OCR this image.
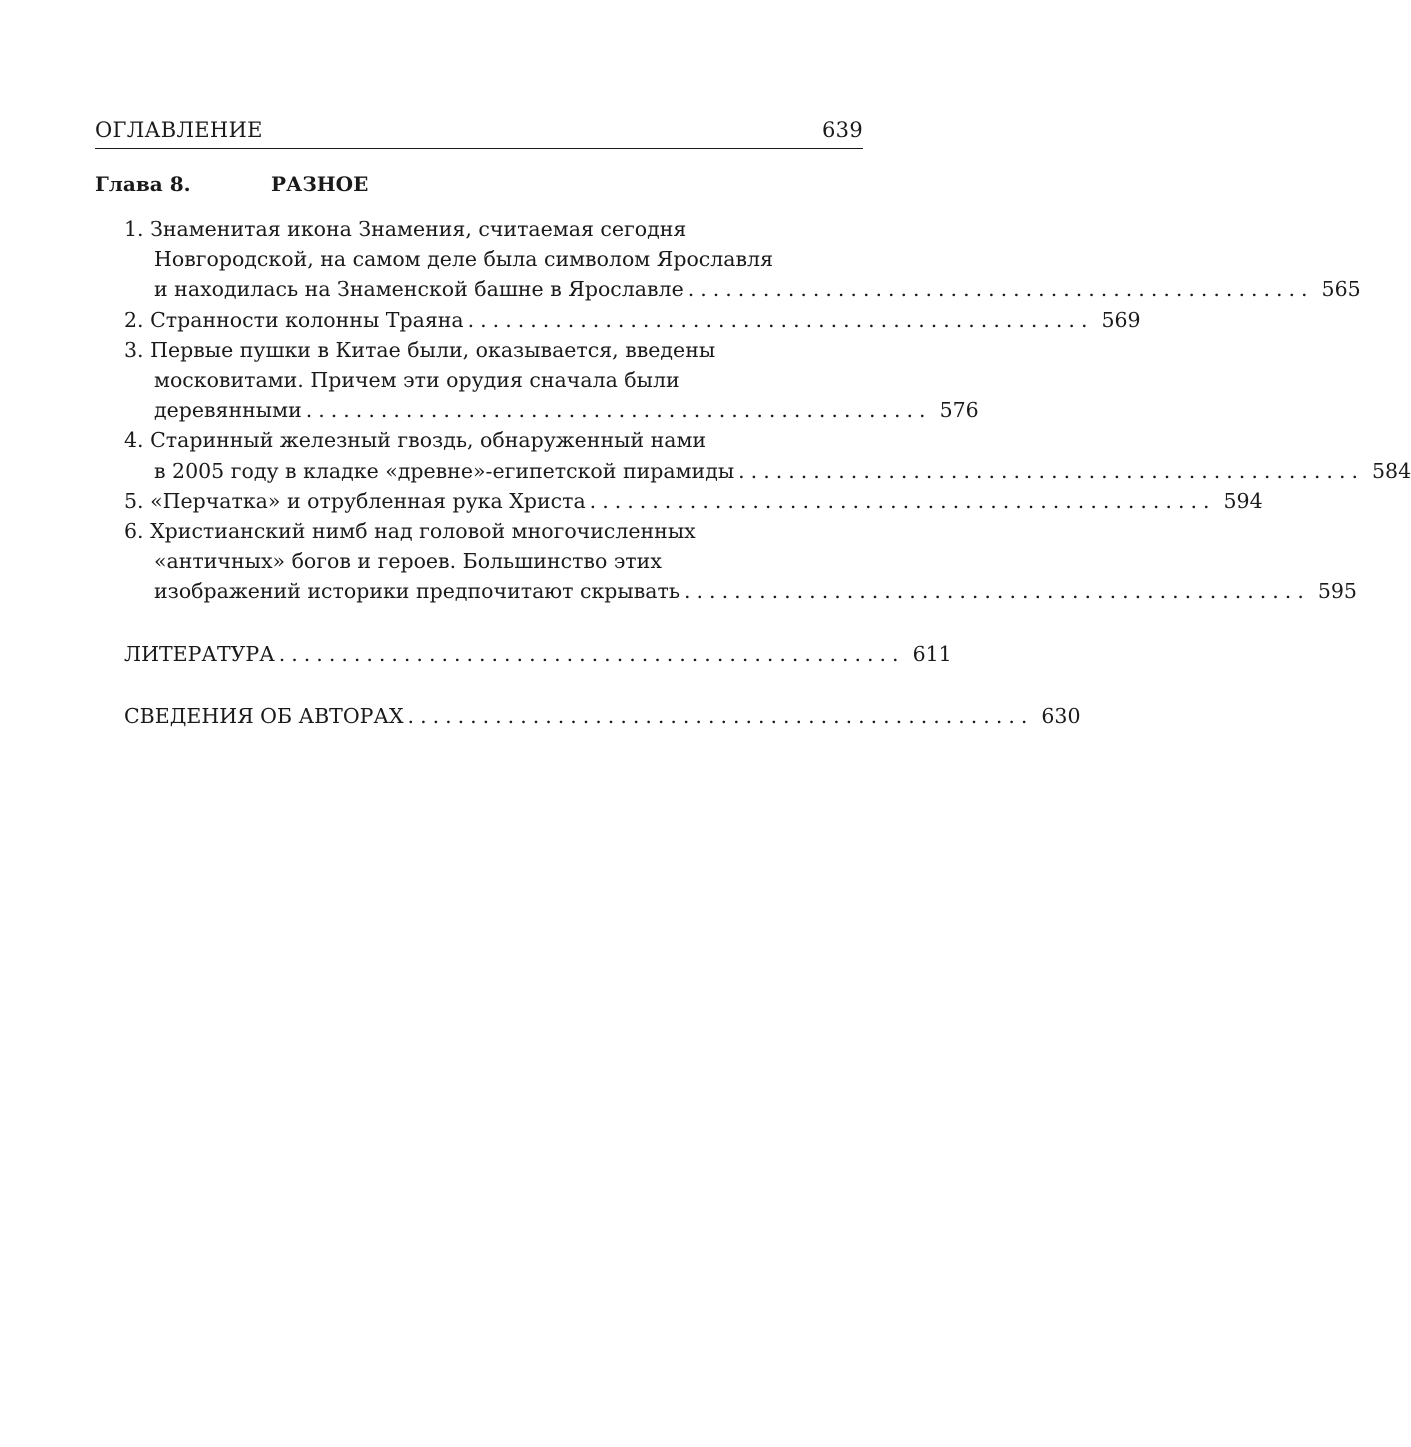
ОГЛАВЛЕНИЕ	639
Глава 8.	РАЗНОЕ
1. Знаменитая икона Знамения, считаемая сегодня
Новгородской, на самом деле была символом Ярославля
и находилась на Знаменской башне в Ярославле .................................................. 565
2. Странности колонны Траяна .................................................. 569
3. Первые пушки в Китае были, оказывается, введены
московитами. Причем эти орудия сначала были
деревянными .................................................. 576
4. Старинный железный гвоздь, обнаруженный нами
в 2005 году в кладке «древне»-египетской пирамиды .................................................. 584
5. «Перчатка» и отрубленная рука Христа .................................................. 594
6. Христианский нимб над головой многочисленных
«античных» богов и героев. Большинство этих
изображений историки предпочитают скрывать .................................................. 595
ЛИТЕРАТУРА .................................................. 611
СВЕДЕНИЯ ОБ АВТОРАХ .................................................. 630
